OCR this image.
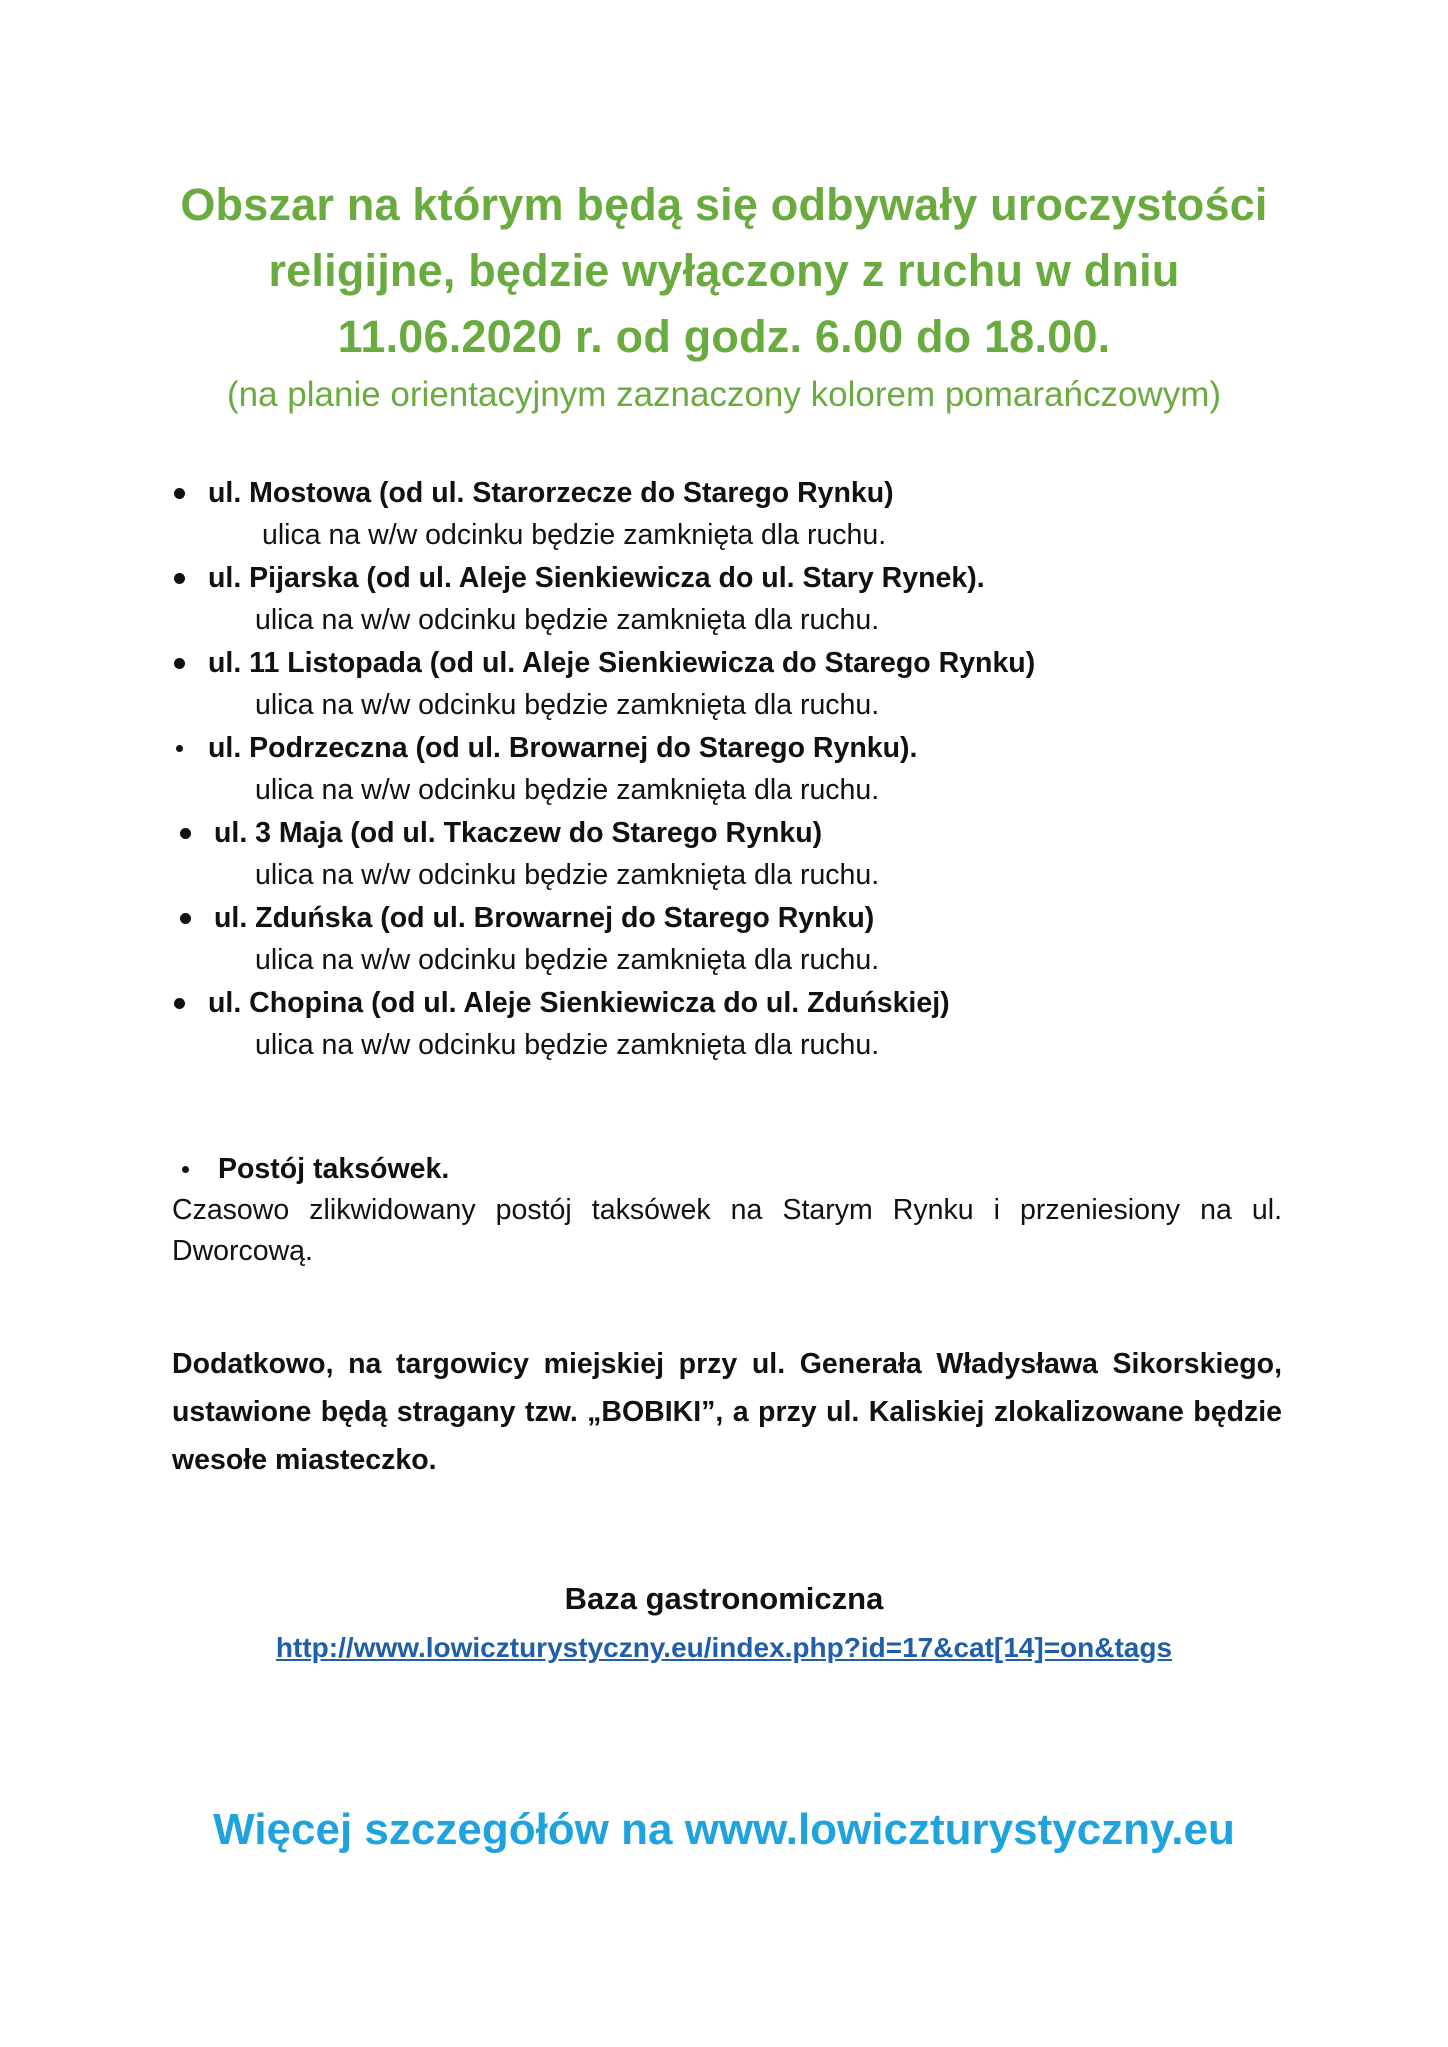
Obszar na którym będą się odbywały uroczystości
religijne, będzie wyłączony z ruchu w dniu
11.06.2020 r. od godz. 6.00 do 18.00.
(na planie orientacyjnym zaznaczony kolorem pomarańczowym)
ul. Mostowa (od ul. Starorzecze do Starego Rynku)
ulica na w/w odcinku będzie zamknięta dla ruchu.
ul. Pijarska (od ul. Aleje Sienkiewicza do ul. Stary Rynek).
ulica na w/w odcinku będzie zamknięta dla ruchu.
ul. 11 Listopada (od ul. Aleje Sienkiewicza do Starego Rynku)
ulica na w/w odcinku będzie zamknięta dla ruchu.
ul. Podrzeczna (od ul. Browarnej do Starego Rynku).
ulica na w/w odcinku będzie zamknięta dla ruchu.
ul. 3 Maja (od ul. Tkaczew do Starego Rynku)
ulica na w/w odcinku będzie zamknięta dla ruchu.
ul. Zduńska (od ul. Browarnej do Starego Rynku)
ulica na w/w odcinku będzie zamknięta dla ruchu.
ul. Chopina (od ul. Aleje Sienkiewicza do ul. Zduńskiej)
ulica na w/w odcinku będzie zamknięta dla ruchu.
Postój taksówek.
Czasowo zlikwidowany postój taksówek na Starym Rynku i przeniesiony na ul. Dworcową.
Dodatkowo, na targowicy miejskiej przy ul. Generała Władysława Sikorskiego, ustawione będą stragany tzw. „BOBIKI”, a przy ul. Kaliskiej zlokalizowane będzie wesołe miasteczko.
Baza gastronomiczna
http://www.lowiczturystyczny.eu/index.php?id=17&cat[14]=on&tags
Więcej szczegółów na www.lowiczturystyczny.eu
